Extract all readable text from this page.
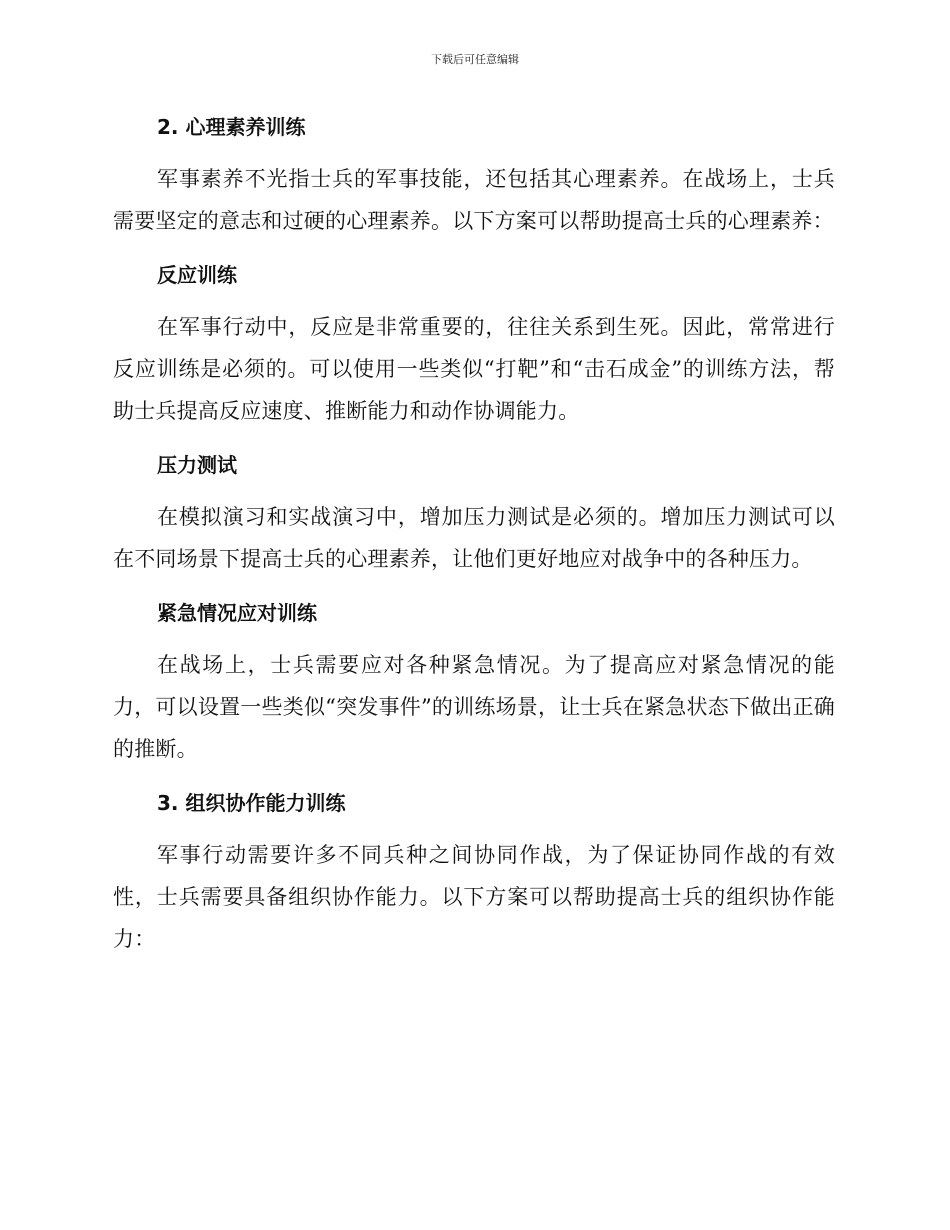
下载后可任意编辑
2. 心理素养训练

军事素养不光指士兵的军事技能，还包括其心理素养。在战场上，士兵需要坚定的意志和过硬的心理素养。以下方案可以帮助提高士兵的心理素养：

反应训练

在军事行动中，反应是非常重要的，往往关系到生死。因此，常常进行反应训练是必须的。可以使用一些类似“打靶”和“击石成金”的训练方法，帮助士兵提高反应速度、推断能力和动作协调能力。

压力测试

在模拟演习和实战演习中，增加压力测试是必须的。增加压力测试可以在不同场景下提高士兵的心理素养，让他们更好地应对战争中的各种压力。

紧急情况应对训练

在战场上，士兵需要应对各种紧急情况。为了提高应对紧急情况的能力，可以设置一些类似“突发事件”的训练场景，让士兵在紧急状态下做出正确的推断。

3. 组织协作能力训练

军事行动需要许多不同兵种之间协同作战，为了保证协同作战的有效性，士兵需要具备组织协作能力。以下方案可以帮助提高士兵的组织协作能力：
